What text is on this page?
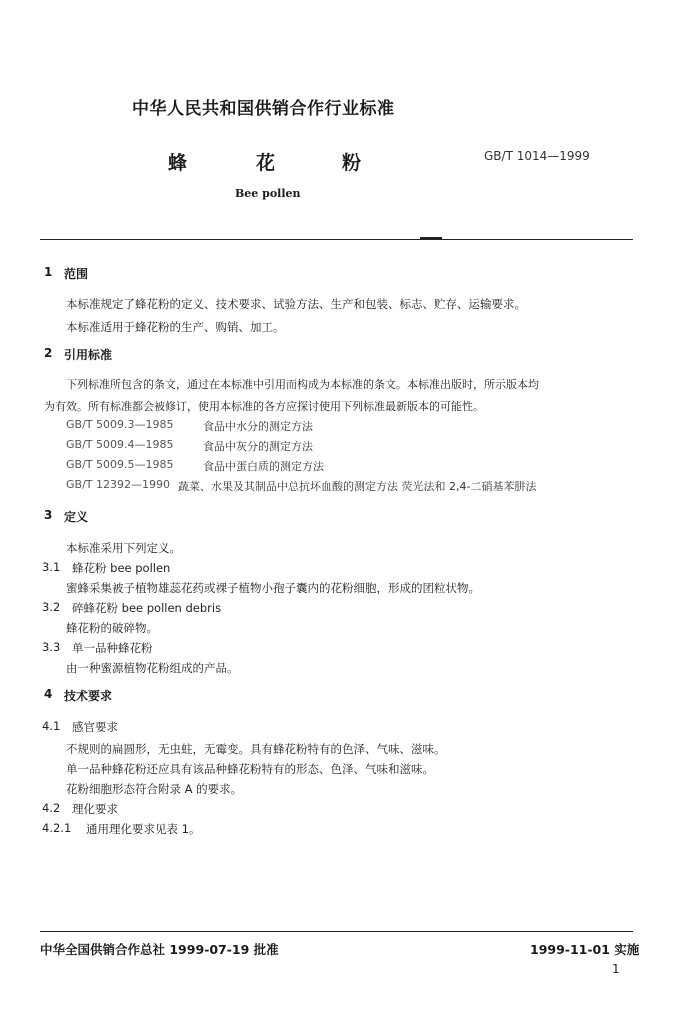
中华人民共和国供销合作行业标准
蜂	花	粉	GB/T 1014—1999
Bee pollen
1 范围
本标准规定了蜂花粉的定义、技术要求、试验方法、生产和包装、标志、贮存、运输要求。
本标准适用于蜂花粉的生产、购销、加工。
2 引用标准
下列标准所包含的条文，通过在本标准中引用而构成为本标准的条文。本标准出版时，所示版本均
为有效。所有标准都会被修订，使用本标准的各方应探讨使用下列标准最新版本的可能性。
GB/T 5009.3—1985	食品中水分的测定方法
GB/T 5009.4—1985	食品中灰分的测定方法
GB/T 5009.5—1985	食品中蛋白质的测定方法
GB/T 12392—1990 蔬菜、水果及其制品中总抗坏血酸的测定方法 荧光法和 2,4-二硝基苯肼法
3 定义
本标准采用下列定义。
3.1 蜂花粉 bee pollen
蜜蜂采集被子植物雄蕊花药或裸子植物小孢子囊内的花粉细胞，形成的团粒状物。
3.2 碎蜂花粉 bee pollen debris
蜂花粉的破碎物。
3.3 单一品种蜂花粉
由一种蜜源植物花粉组成的产品。
4 技术要求
4.1 感官要求
不规则的扁圆形，无虫蛀，无霉变。具有蜂花粉特有的色泽、气味、滋味。
单一品种蜂花粉还应具有该品种蜂花粉特有的形态、色泽、气味和滋味。
花粉细胞形态符合附录 A 的要求。
4.2 理化要求
4.2.1 通用理化要求见表 1。
中华全国供销合作总社 1999-07-19 批准	1999-11-01 实施
1
